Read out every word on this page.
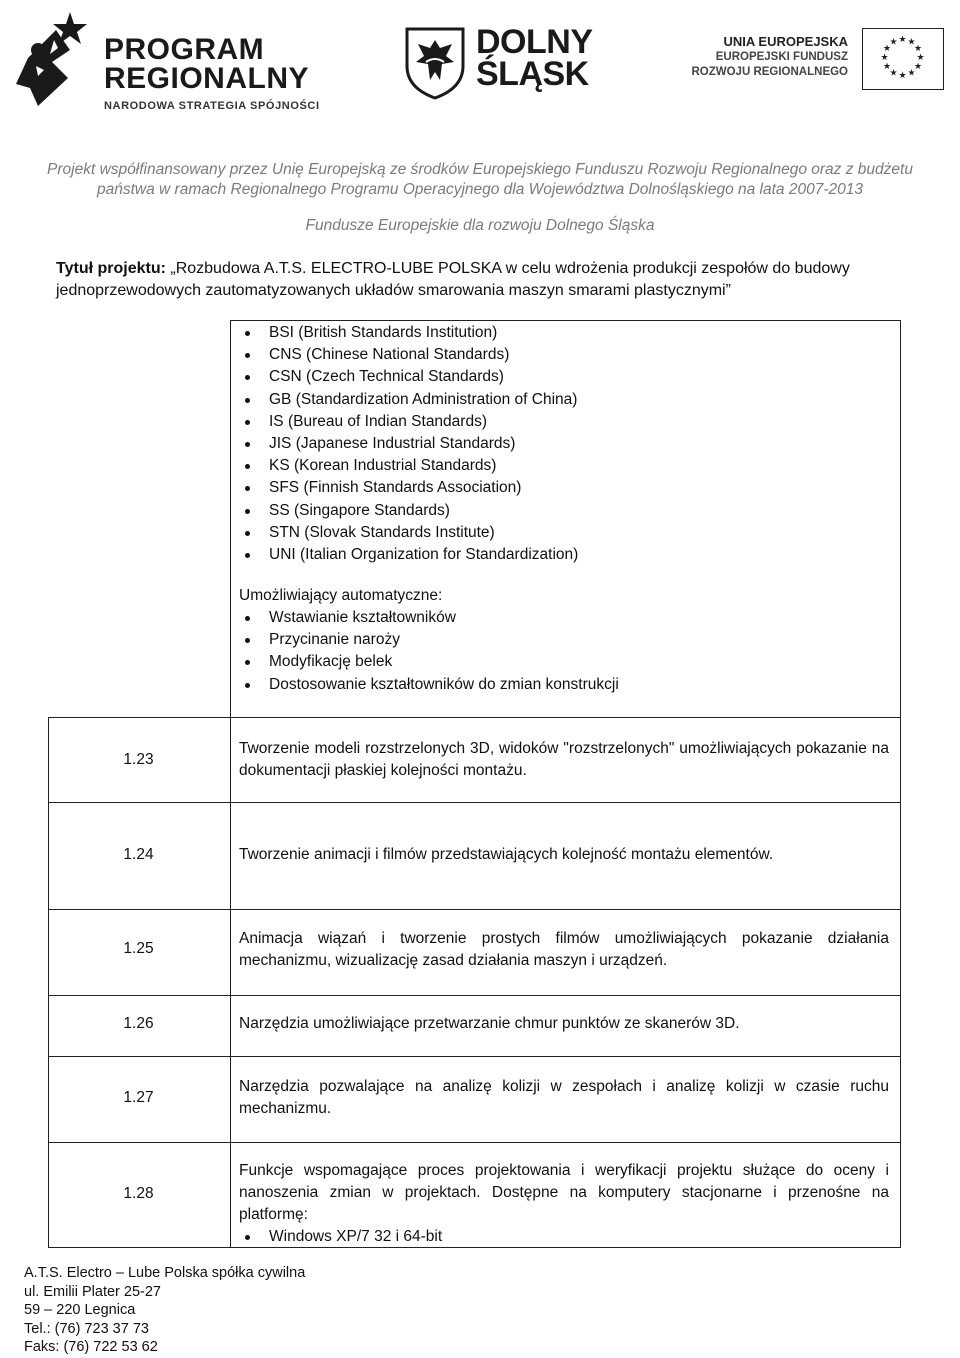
PROGRAM
REGIONALNY
NARODOWA STRATEGIA SPÓJNOŚCI
DOLNY
ŚLĄSK
UNIA EUROPEJSKA
EUROPEJSKI FUNDUSZ
ROZWOJU REGIONALNEGO
★ ★
★
★
★
★
★
★
★
★
★
★
Projekt współfinansowany przez Unię Europejską ze środków Europejskiego Funduszu Rozwoju Regionalnego oraz z budżetu
państwa w ramach Regionalnego Programu Operacyjnego dla Województwa Dolnośląskiego na lata 2007-2013
Fundusze Europejskie dla rozwoju Dolnego Śląska
Tytuł projektu: „Rozbudowa A.T.S. ELECTRO-LUBE POLSKA w celu wdrożenia produkcji zespołów do budowy jednoprzewodowych zautomatyzowanych układów smarowania maszyn smarami plastycznymi”
BSI (British Standards Institution)
CNS (Chinese National Standards)
CSN (Czech Technical Standards)
GB (Standardization Administration of China)
IS (Bureau of Indian Standards)
JIS (Japanese Industrial Standards)
KS (Korean Industrial Standards)
SFS (Finnish Standards Association)
SS (Singapore Standards)
STN (Slovak Standards Institute)
UNI (Italian Organization for Standardization)
Umożliwiający automatyczne:
Wstawianie kształtowników
Przycinanie naroży
Modyfikację belek
Dostosowanie kształtowników do zmian konstrukcji
1.23
Tworzenie modeli rozstrzelonych 3D, widoków "rozstrzelonych" umożliwiających pokazanie na dokumentacji płaskiej kolejności montażu.
1.24	Tworzenie animacji i filmów przedstawiających kolejność montażu elementów.
1.25
Animacja wiązań i tworzenie prostych filmów umożliwiających pokazanie działania mechanizmu, wizualizację zasad działania maszyn i urządzeń.
1.26	Narzędzia umożliwiające przetwarzanie chmur punktów ze skanerów 3D.
1.27
Narzędzia pozwalające na analizę kolizji w zespołach i analizę kolizji w czasie ruchu mechanizmu.
1.28
Funkcje wspomagające proces projektowania i weryfikacji projektu służące do oceny i nanoszenia zmian w projektach. Dostępne na komputery stacjonarne i przenośne na platformę:
Windows XP/7 32 i 64-bit
A.T.S. Electro – Lube Polska spółka cywilna
ul. Emilii Plater 25-27
59 – 220 Legnica
Tel.: (76) 723 37 73
Faks: (76) 722 53 62
